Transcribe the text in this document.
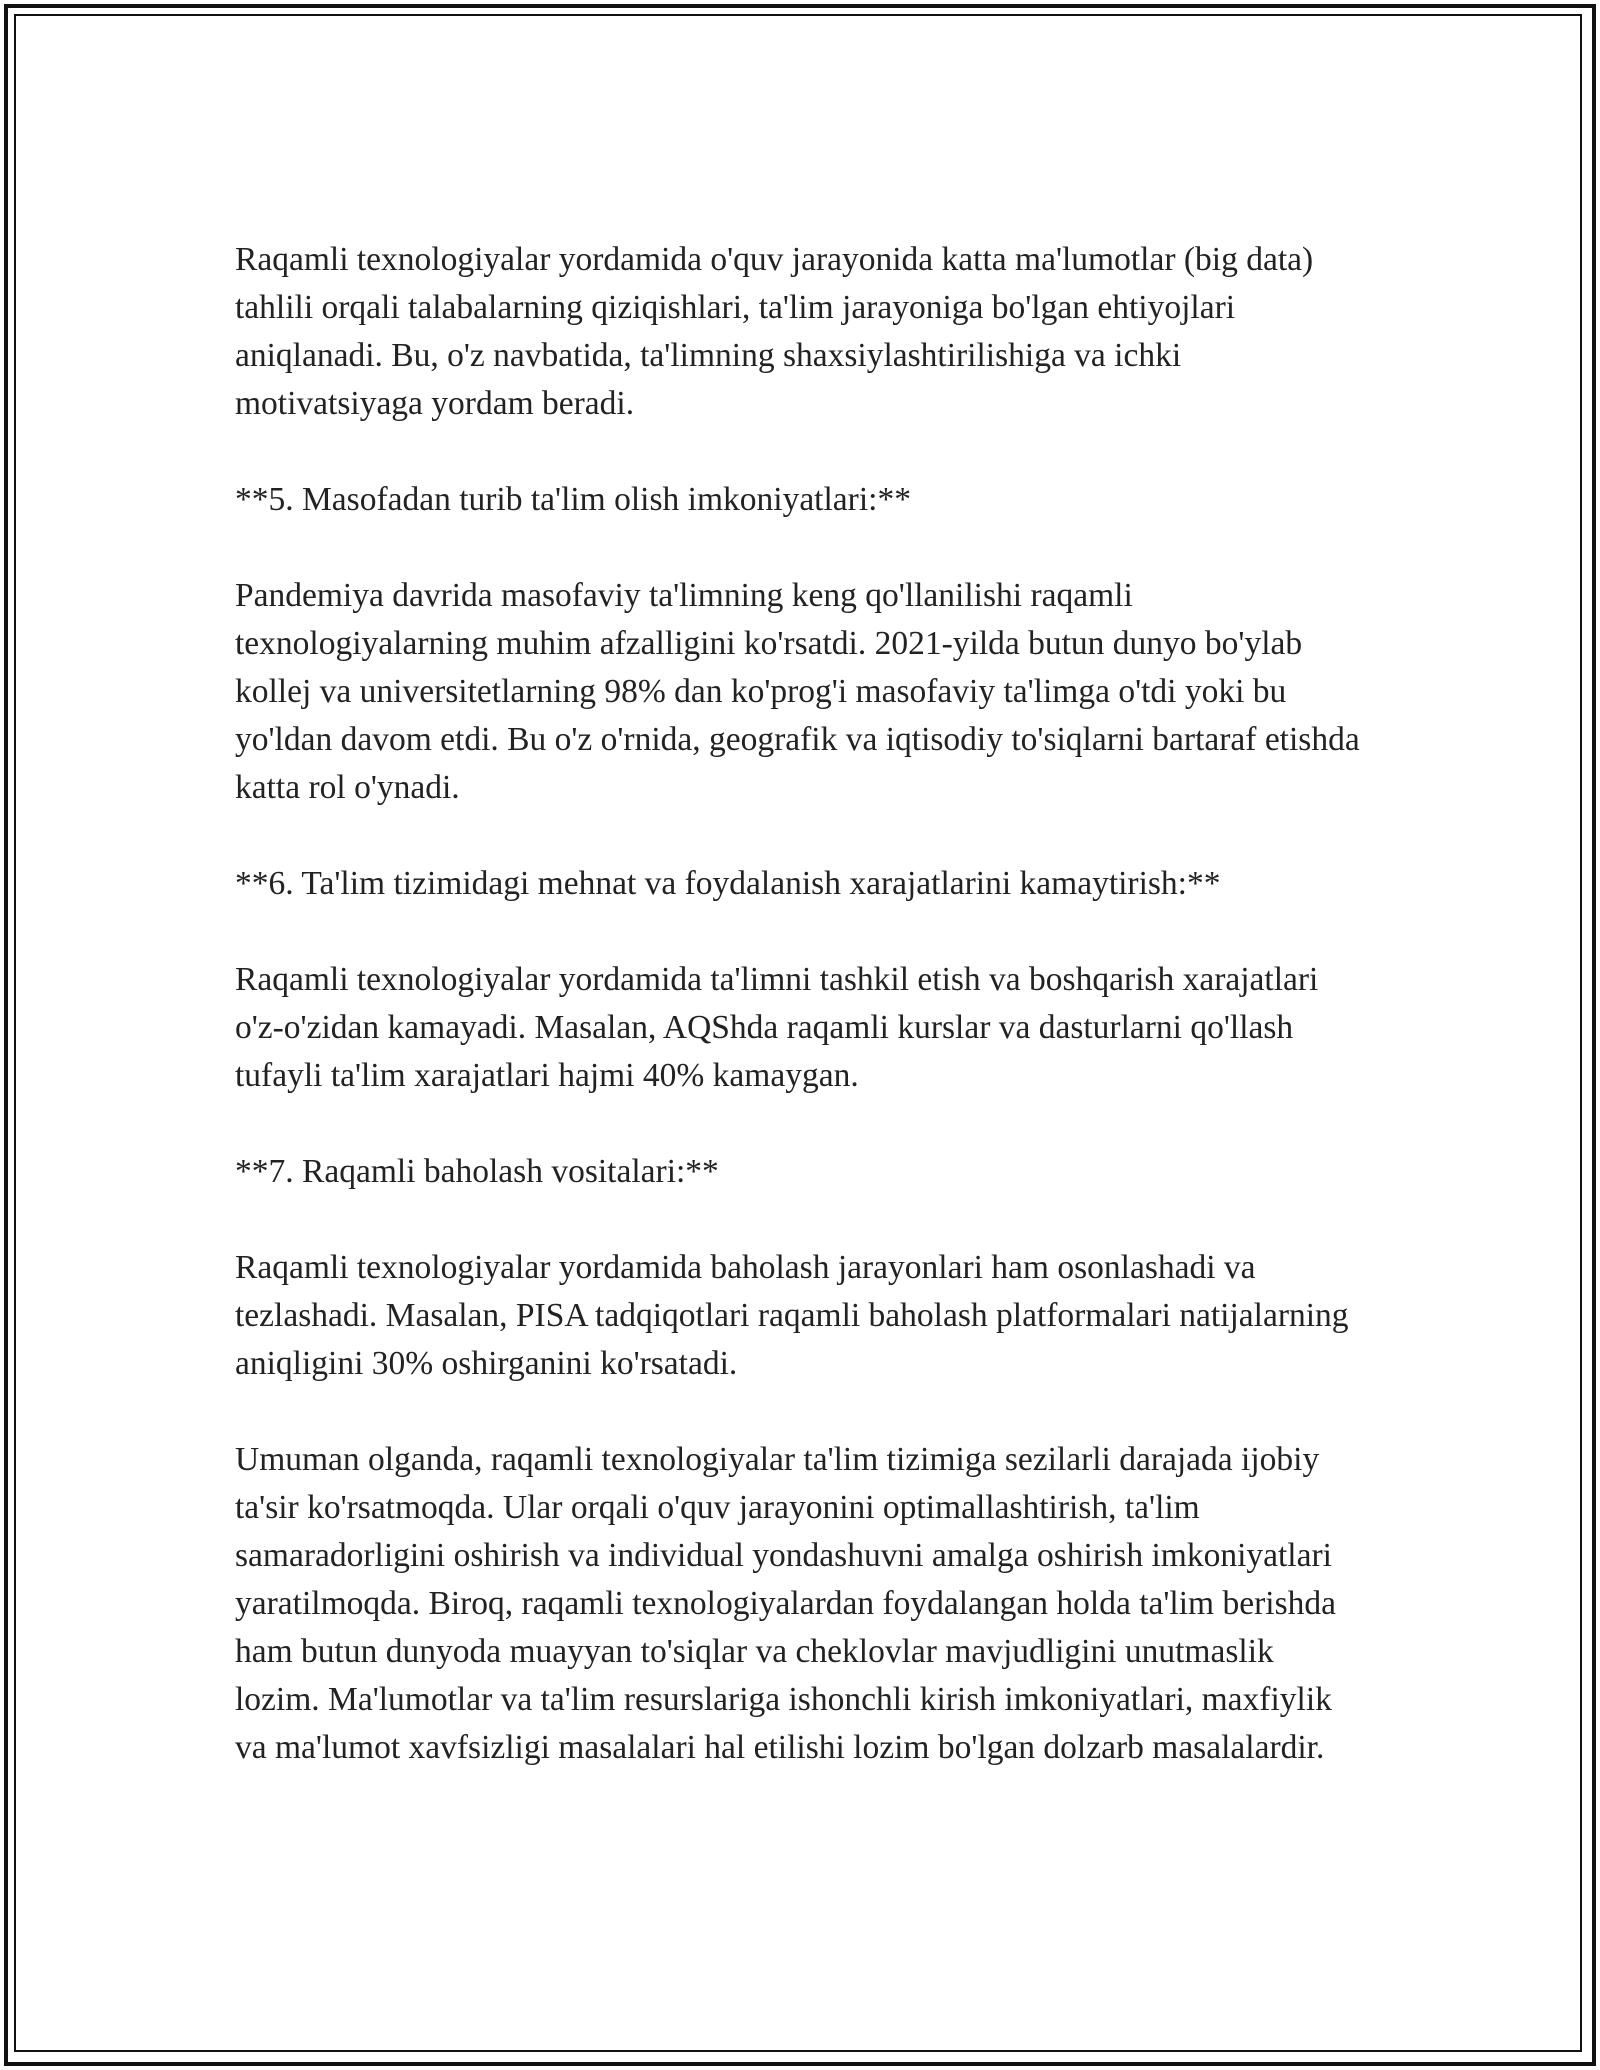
Raqamli texnologiyalar yordamida o'quv jarayonida katta ma'lumotlar (big data) tahlili orqali talabalarning qiziqishlari, ta'lim jarayoniga bo'lgan ehtiyojlari aniqlanadi. Bu, o'z navbatida, ta'limning shaxsiylashtirilishiga va ichki motivatsiyaga yordam beradi.

**5. Masofadan turib ta'lim olish imkoniyatlari:**

Pandemiya davrida masofaviy ta'limning keng qo'llanilishi raqamli texnologiyalarning muhim afzalligini ko'rsatdi. 2021-yilda butun dunyo bo'ylab kollej va universitetlarning 98% dan ko'prog'i masofaviy ta'limga o'tdi yoki bu yo'ldan davom etdi. Bu o'z o'rnida, geografik va iqtisodiy to'siqlarni bartaraf etishda katta rol o'ynadi.

**6. Ta'lim tizimidagi mehnat va foydalanish xarajatlarini kamaytirish:**

Raqamli texnologiyalar yordamida ta'limni tashkil etish va boshqarish xarajatlari o'z-o'zidan kamayadi. Masalan, AQShda raqamli kurslar va dasturlarni qo'llash tufayli ta'lim xarajatlari hajmi 40% kamaygan.

**7. Raqamli baholash vositalari:**

Raqamli texnologiyalar yordamida baholash jarayonlari ham osonlashadi va tezlashadi. Masalan, PISA tadqiqotlari raqamli baholash platformalari natijalarning aniqligini 30% oshirganini ko'rsatadi.

Umuman olganda, raqamli texnologiyalar ta'lim tizimiga sezilarli darajada ijobiy ta'sir ko'rsatmoqda. Ular orqali o'quv jarayonini optimallashtirish, ta'lim samaradorligini oshirish va individual yondashuvni amalga oshirish imkoniyatlari yaratilmoqda. Biroq, raqamli texnologiyalardan foydalangan holda ta'lim berishda ham butun dunyoda muayyan to'siqlar va cheklovlar mavjudligini unutmaslik lozim. Ma'lumotlar va ta'lim resurslariga ishonchli kirish imkoniyatlari, maxfiylik va ma'lumot xavfsizligi masalalari hal etilishi lozim bo'lgan dolzarb masalalardir.
